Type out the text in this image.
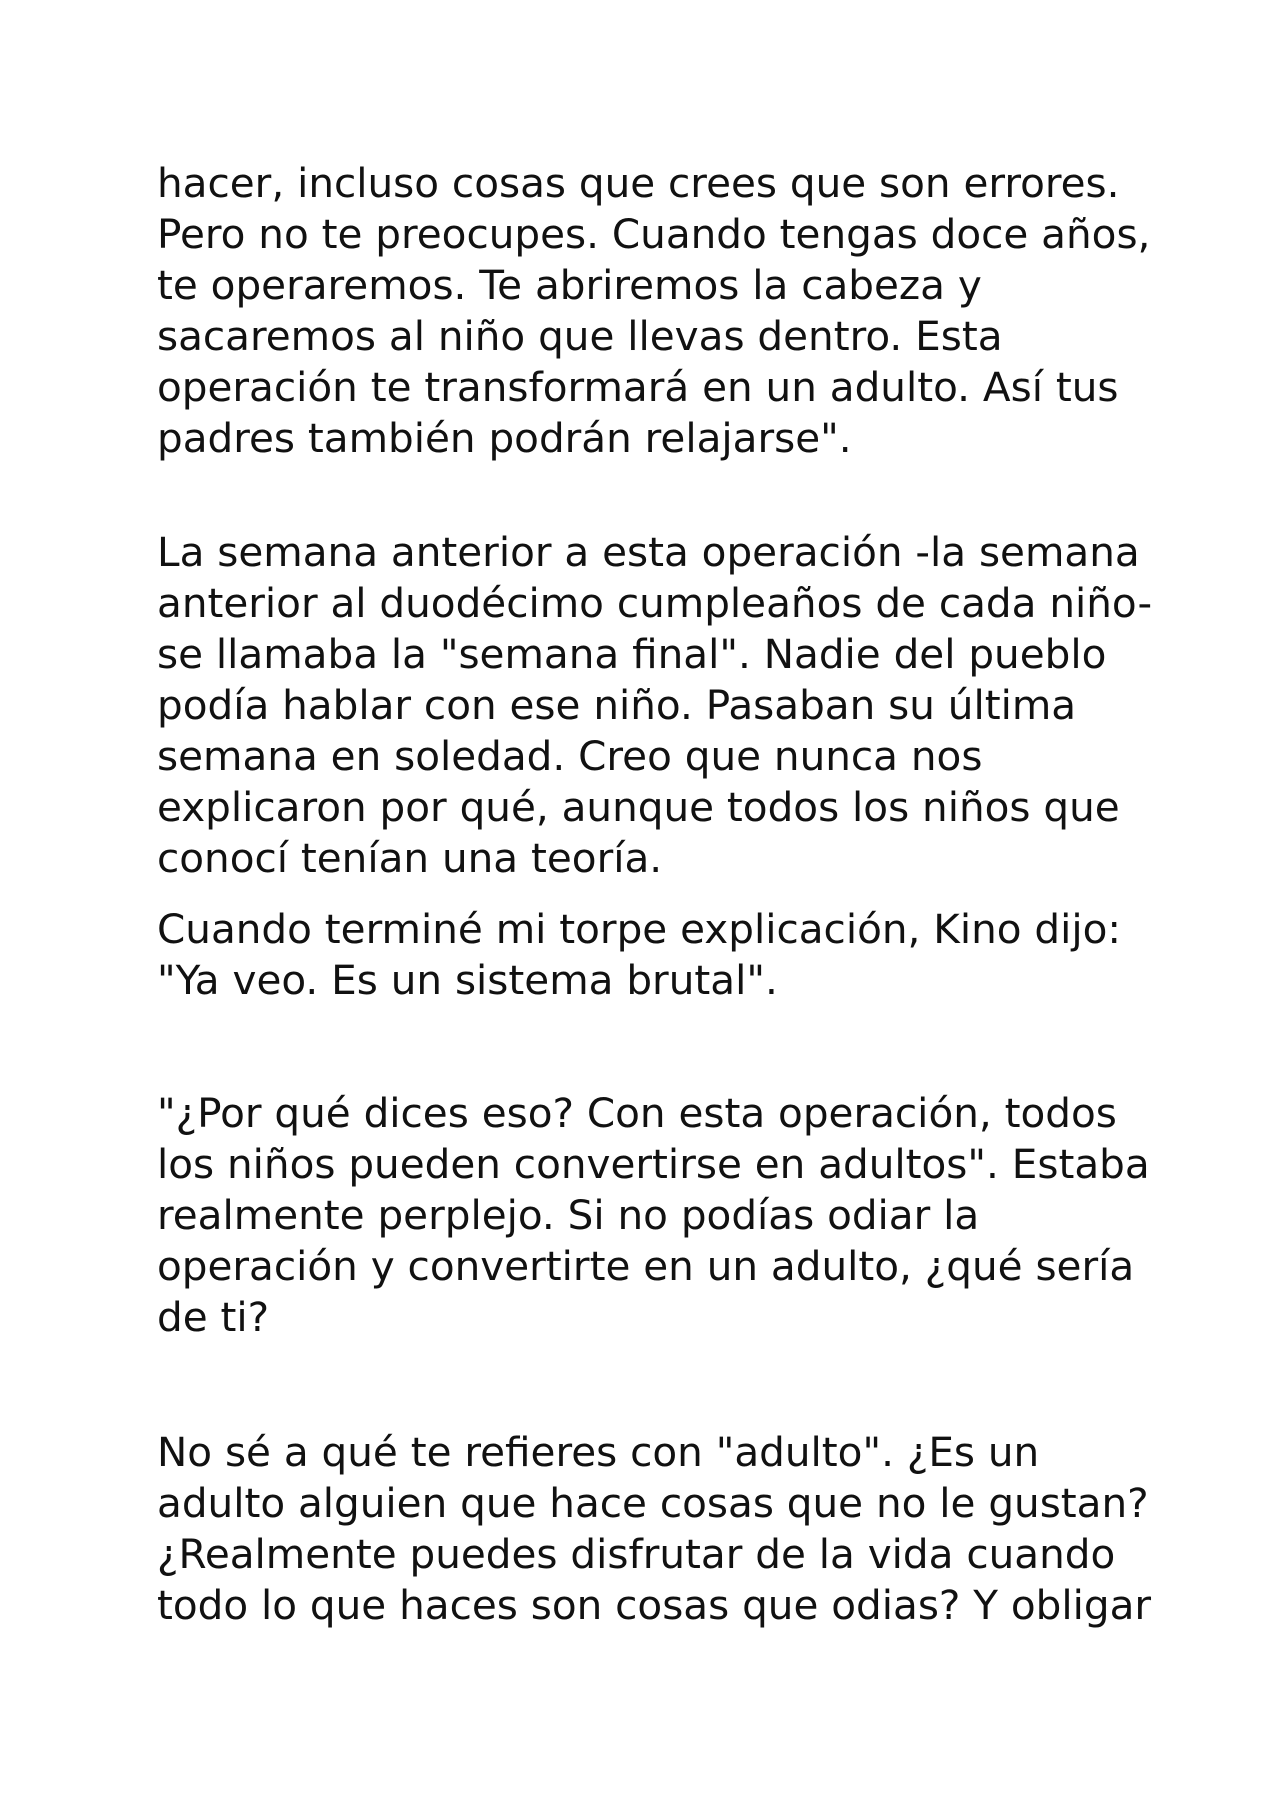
hacer, incluso cosas que crees que son errores.

Pero no te preocupes. Cuando tengas doce años,

te operaremos. Te abriremos la cabeza y

sacaremos al niño que llevas dentro. Esta

operación te transformará en un adulto. Así tus

padres también podrán relajarse".

La semana anterior a esta operación -la semana

anterior al duodécimo cumpleaños de cada niño-

se llamaba la "semana final". Nadie del pueblo

podía hablar con ese niño. Pasaban su última

semana en soledad. Creo que nunca nos

explicaron por qué, aunque todos los niños que

conocí tenían una teoría.

Cuando terminé mi torpe explicación, Kino dijo:

"Ya veo. Es un sistema brutal".

"¿Por qué dices eso? Con esta operación, todos

los niños pueden convertirse en adultos". Estaba

realmente perplejo. Si no podías odiar la

operación y convertirte en un adulto, ¿qué sería

de ti?

No sé a qué te refieres con "adulto". ¿Es un

adulto alguien que hace cosas que no le gustan?

¿Realmente puedes disfrutar de la vida cuando

todo lo que haces son cosas que odias? Y obligar
